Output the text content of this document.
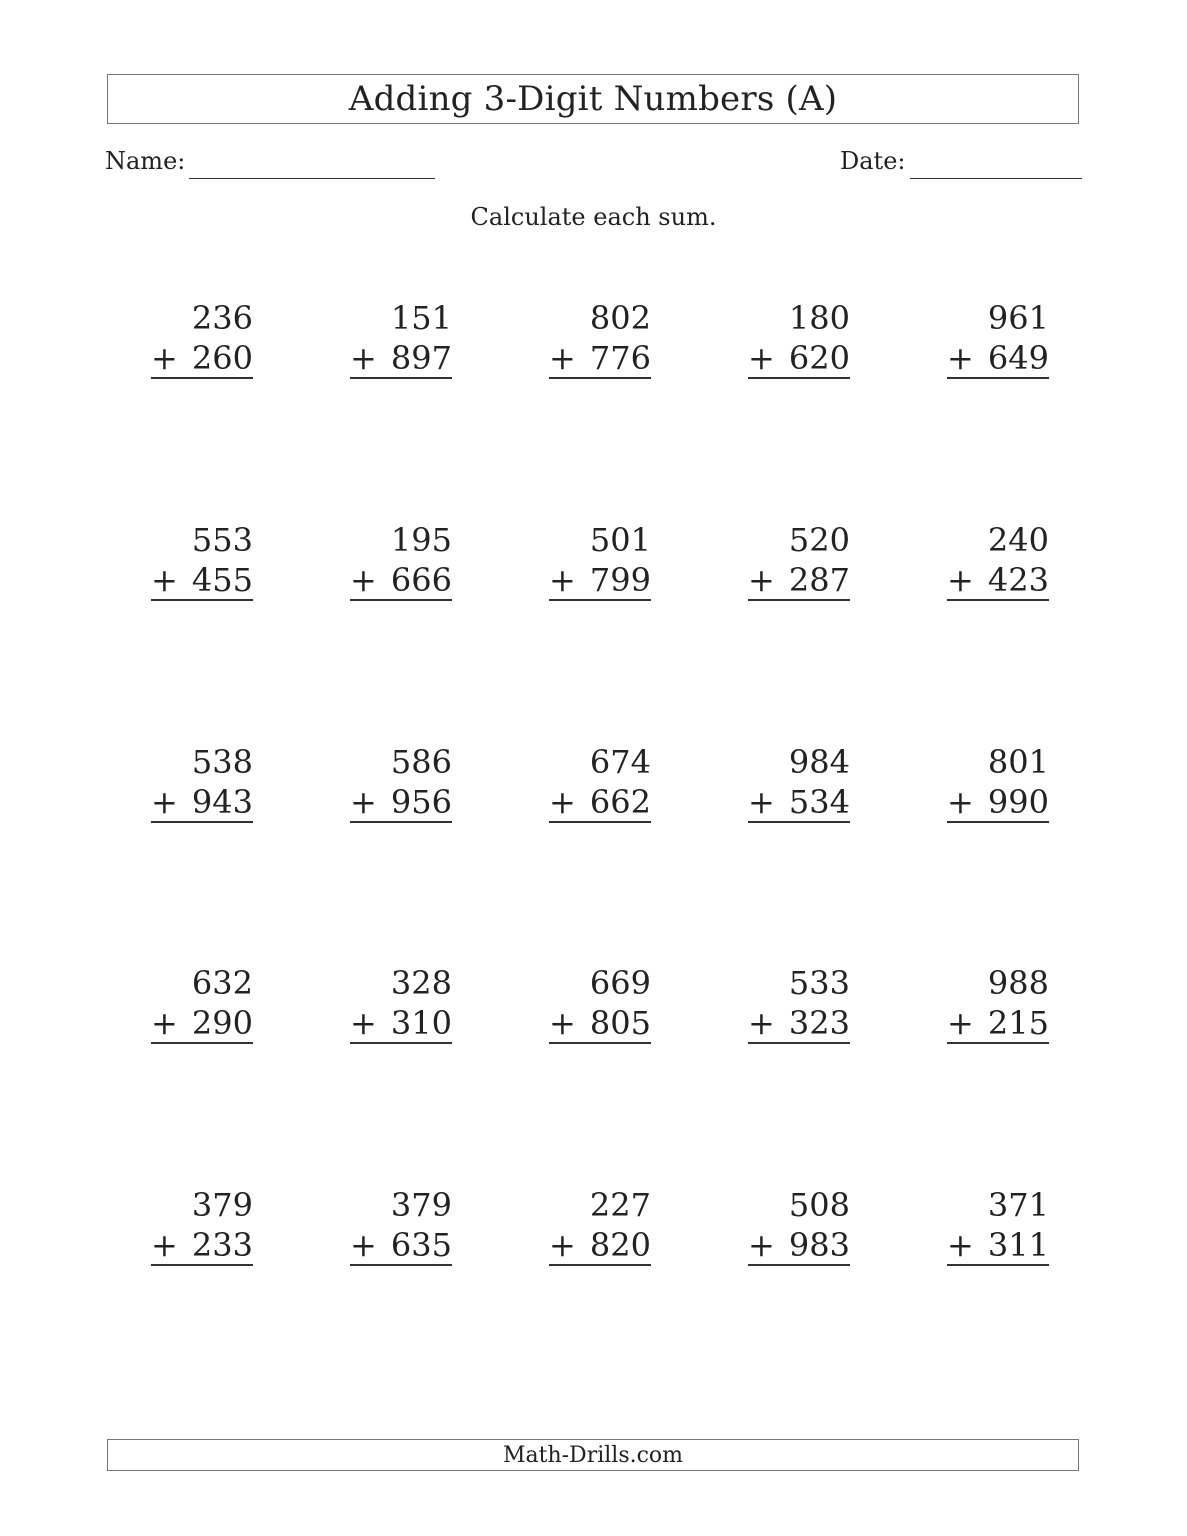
Adding 3-Digit Numbers (A)
Name:	Date:
Calculate each sum.
236
+ 260
151
+ 897
802
+ 776
180
+ 620
961
+ 649
553
+ 455
195
+ 666
501
+ 799
520
+ 287
240
+ 423
538
+ 943
586
+ 956
674
+ 662
984
+ 534
801
+ 990
632
+ 290
328
+ 310
669
+ 805
533
+ 323
988
+ 215
379
+ 233
379
+ 635
227
+ 820
508
+ 983
371
+ 311
Math-Drills.com
